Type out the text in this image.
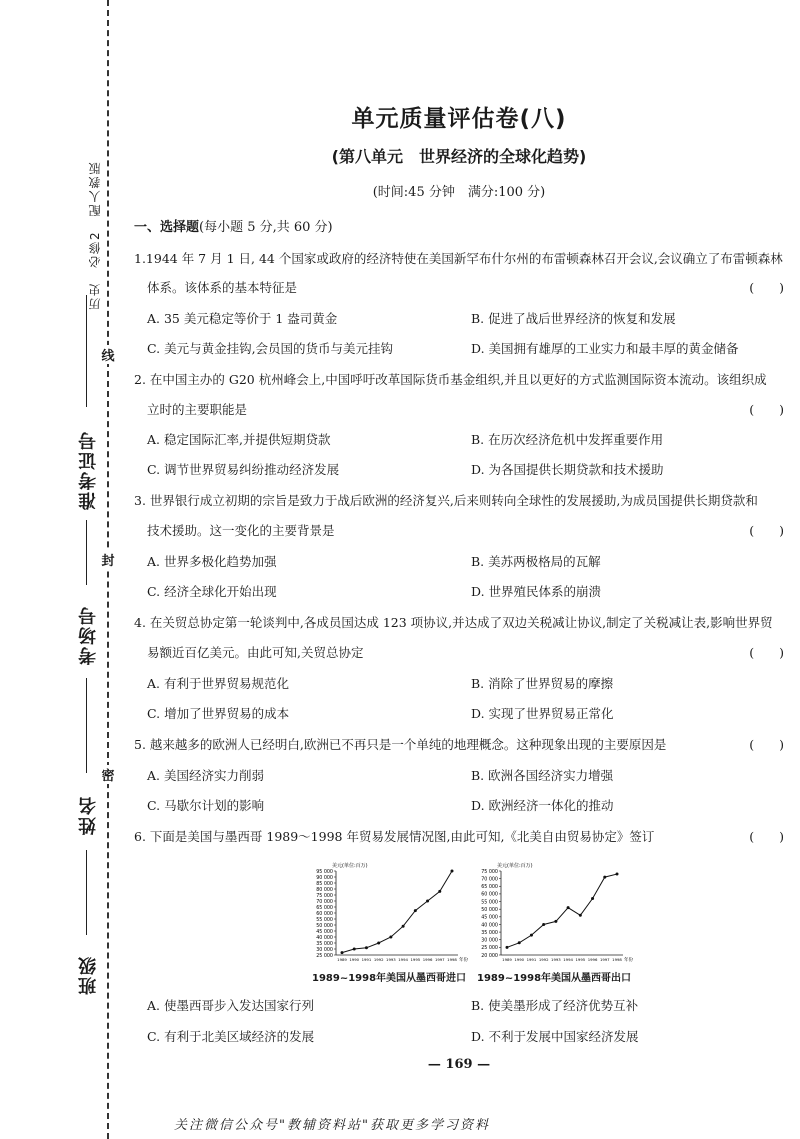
历史　必修2　配人教版
准考证号
考场号
姓名
班级
线
封
密
单元质量评估卷(八)
(第八单元　世界经济的全球化趋势)
(时间:45 分钟　满分:100 分)
一、选择题(每小题 5 分,共 60 分)
1.1944 年 7 月 1 日, 44 个国家或政府的经济特使在美国新罕布什尔州的布雷顿森林召开会议,会议确立了布雷顿森林
体系。该体系的基本特征是	(　　)
A. 35 美元稳定等价于 1 盎司黄金	B. 促进了战后世界经济的恢复和发展
C. 美元与黄金挂钩,会员国的货币与美元挂钩	D. 美国拥有雄厚的工业实力和最丰厚的黄金储备
2. 在中国主办的 G20 杭州峰会上,中国呼吁改革国际货币基金组织,并且以更好的方式监测国际资本流动。该组织成
立时的主要职能是	(　　)
A. 稳定国际汇率,并提供短期贷款	B. 在历次经济危机中发挥重要作用
C. 调节世界贸易纠纷推动经济发展	D. 为各国提供长期贷款和技术援助
3. 世界银行成立初期的宗旨是致力于战后欧洲的经济复兴,后来则转向全球性的发展援助,为成员国提供长期贷款和
技术援助。这一变化的主要背景是	(　　)
A. 世界多极化趋势加强	B. 美苏两极格局的瓦解
C. 经济全球化开始出现	D. 世界殖民体系的崩溃
4. 在关贸总协定第一轮谈判中,各成员国达成 123 项协议,并达成了双边关税减让协议,制定了关税减让表,影响世界贸
易额近百亿美元。由此可知,关贸总协定	(　　)
A. 有利于世界贸易规范化	B. 消除了世界贸易的摩擦
C. 增加了世界贸易的成本	D. 实现了世界贸易正常化
5. 越来越多的欧洲人已经明白,欧洲已不再只是一个单纯的地理概念。这种现象出现的主要原因是	(　　)
A. 美国经济实力削弱	B. 欧洲各国经济实力增强
C. 马歇尔计划的影响	D. 欧洲经济一体化的推动
6. 下面是美国与墨西哥 1989～1998 年贸易发展情况图,由此可知,《北美自由贸易协定》签订	(　　)
美元(单位:百万)
25 000
30 000
35 000
40 000
45 000
50 000
55 000
60 000
65 000
70 000
75 000
80 000
85 000
90 000
95 000
1989 1990 1991 1992 1993 1994 1995 1996 1997 1998 年份
美元(单位:百万)
20 000
25 000
30 000
35 000
40 000
45 000
50 000
55 000
60 000
65 000
70 000
75 000
1989 1990 1991 1992 1993 1994 1995 1996 1997 1998 年份
1989~1998年美国从墨西哥进口 1989~1998年美国从墨西哥出口
A. 使墨西哥步入发达国家行列	B. 使美墨形成了经济优势互补
C. 有利于北美区域经济的发展	D. 不利于发展中国家经济发展
— 169 —
关注微信公众号"教辅资料站"获取更多学习资料
